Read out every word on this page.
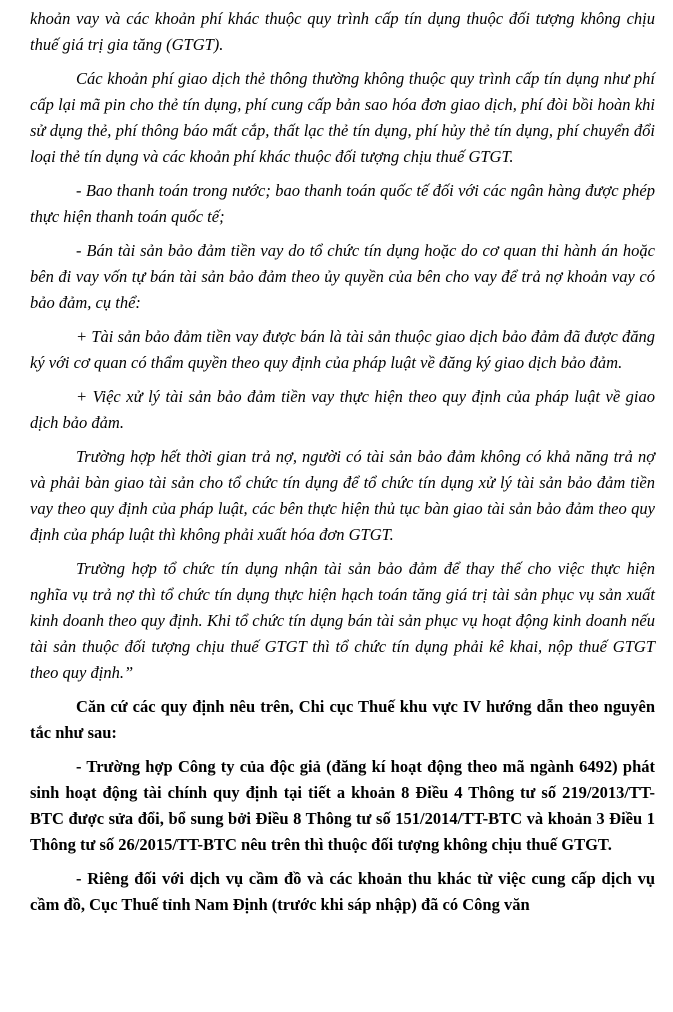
khoản vay và các khoản phí khác thuộc quy trình cấp tín dụng thuộc đối tượng không chịu thuế giá trị gia tăng (GTGT).

Các khoản phí giao dịch thẻ thông thường không thuộc quy trình cấp tín dụng như phí cấp lại mã pin cho thẻ tín dụng, phí cung cấp bản sao hóa đơn giao dịch, phí đòi bồi hoàn khi sử dụng thẻ, phí thông báo mất cắp, thất lạc thẻ tín dụng, phí hủy thẻ tín dụng, phí chuyển đổi loại thẻ tín dụng và các khoản phí khác thuộc đối tượng chịu thuế GTGT.

- Bao thanh toán trong nước; bao thanh toán quốc tế đối với các ngân hàng được phép thực hiện thanh toán quốc tế;

- Bán tài sản bảo đảm tiền vay do tổ chức tín dụng hoặc do cơ quan thi hành án hoặc bên đi vay vốn tự bán tài sản bảo đảm theo ủy quyền của bên cho vay để trả nợ khoản vay có bảo đảm, cụ thể:

+ Tài sản bảo đảm tiền vay được bán là tài sản thuộc giao dịch bảo đảm đã được đăng ký với cơ quan có thẩm quyền theo quy định của pháp luật về đăng ký giao dịch bảo đảm.

+ Việc xử lý tài sản bảo đảm tiền vay thực hiện theo quy định của pháp luật về giao dịch bảo đảm.

Trường hợp hết thời gian trả nợ, người có tài sản bảo đảm không có khả năng trả nợ và phải bàn giao tài sản cho tổ chức tín dụng để tổ chức tín dụng xử lý tài sản bảo đảm tiền vay theo quy định của pháp luật, các bên thực hiện thủ tục bàn giao tài sản bảo đảm theo quy định của pháp luật thì không phải xuất hóa đơn GTGT.

Trường hợp tổ chức tín dụng nhận tài sản bảo đảm để thay thế cho việc thực hiện nghĩa vụ trả nợ thì tổ chức tín dụng thực hiện hạch toán tăng giá trị tài sản phục vụ sản xuất kinh doanh theo quy định. Khi tổ chức tín dụng bán tài sản phục vụ hoạt động kinh doanh nếu tài sản thuộc đối tượng chịu thuế GTGT thì tổ chức tín dụng phải kê khai, nộp thuế GTGT theo quy định.”

Căn cứ các quy định nêu trên, Chi cục Thuế khu vực IV hướng dẫn theo nguyên tắc như sau:

- Trường hợp Công ty của độc giả (đăng kí hoạt động theo mã ngành 6492) phát sinh hoạt động tài chính quy định tại tiết a khoản 8 Điều 4 Thông tư số 219/2013/TT-BTC được sửa đổi, bổ sung bởi Điều 8 Thông tư số 151/2014/TT-BTC và khoản 3 Điều 1 Thông tư số 26/2015/TT-BTC nêu trên thì thuộc đối tượng không chịu thuế GTGT.

- Riêng đối với dịch vụ cầm đồ và các khoản thu khác từ việc cung cấp dịch vụ cầm đồ, Cục Thuế tỉnh Nam Định (trước khi sáp nhập) đã có Công văn
